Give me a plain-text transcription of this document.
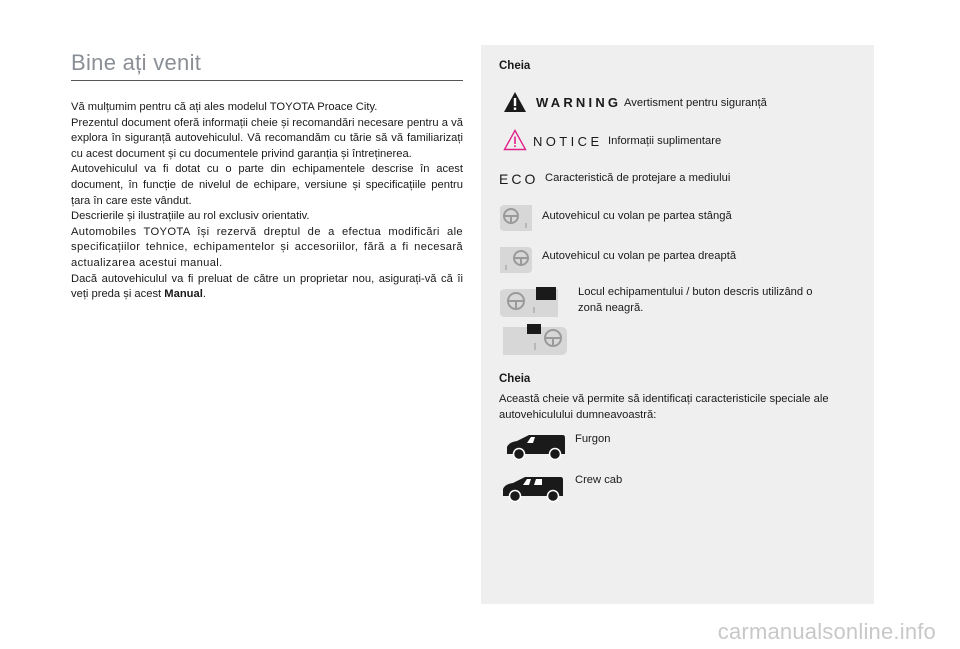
Bine ați venit

Vă mulțumim pentru că ați ales modelul TOYOTA Proace City.

Prezentul document oferă informații cheie și recomandări necesare pentru a vă explora în siguranță autovehiculul. Vă recomandăm cu tărie să vă familiarizați cu acest document și cu documentele privind garanția și întreținerea.

Autovehiculul va fi dotat cu o parte din echipamentele descrise în acest document, în funcție de nivelul de echipare, versiune și specificațiile pentru țara în care este vândut.

Descrierile și ilustrațiile au rol exclusiv orientativ.

Automobiles TOYOTA își rezervă dreptul de a efectua modificări ale specificațiilor tehnice, echipamentelor și accesoriilor, fără a fi necesară actualizarea acestui manual.

Dacă autovehiculul va fi preluat de către un proprietar nou, asigurați-vă că îi veți preda și acest Manual.

Cheia
WARNING Avertisment pentru siguranță
NOTICE Informații suplimentare
ECO Caracteristică de protejare a mediului
Autovehicul cu volan pe partea stângă
Autovehicul cu volan pe partea dreaptă
Locul echipamentului / buton descris utilizând o zonă neagră.
Cheia
Această cheie vă permite să identificați caracteristicile speciale ale autovehiculului dumneavoastră:
Furgon
Crew cab
carmanualsonline.info
